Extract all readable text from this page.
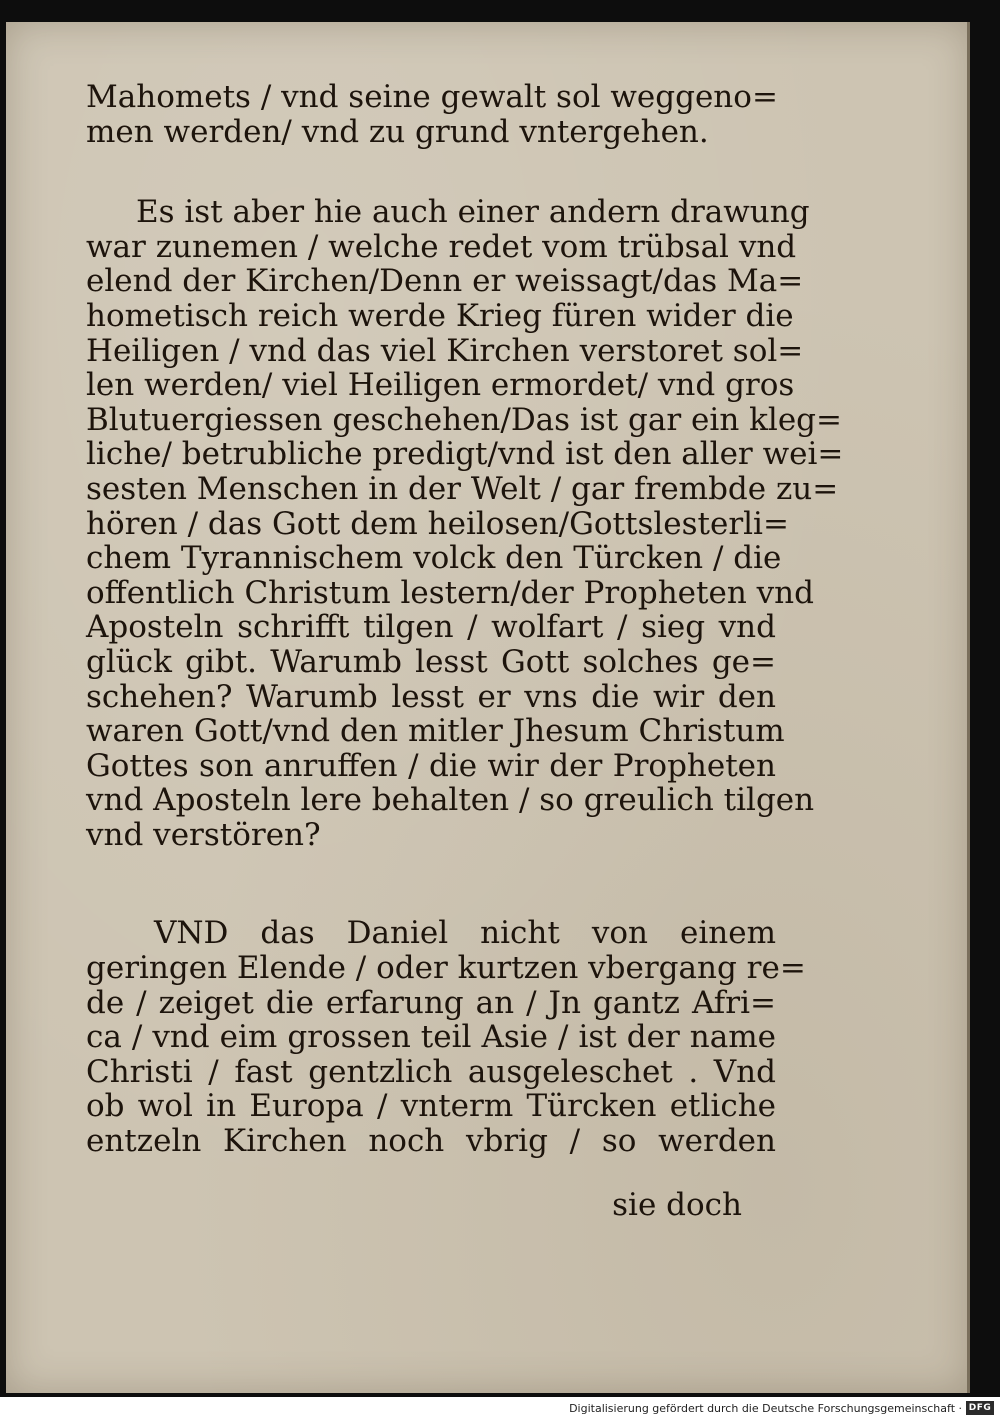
Mahomets / vnd seine gewalt sol weggeno=
men werden/ vnd zu grund vntergehen.
Es ist aber hie auch einer andern drawung
war zunemen / welche redet vom trübsal vnd
elend der Kirchen/Denn er weissagt/das Ma=
hometisch reich werde Krieg füren wider die
Heiligen / vnd das viel Kirchen verstoret sol=
len werden/ viel Heiligen ermordet/ vnd gros
Blutuergiessen geschehen/Das ist gar ein kleg=
liche/ betrubliche predigt/vnd ist den aller wei=
sesten Menschen in der Welt / gar frembde zu=
hören / das Gott dem heilosen/Gottslesterli=
chem Tyrannischem volck den Türcken / die
offentlich Christum lestern/der Propheten vnd
Aposteln schrifft tilgen / wolfart / sieg vnd
glück gibt. Warumb lesst Gott solches ge=
schehen? Warumb lesst er vns die wir den
waren Gott/vnd den mitler Jhesum Christum
Gottes son anruffen / die wir der Propheten
vnd Aposteln lere behalten / so greulich tilgen
vnd verstören?
VND das Daniel nicht von einem
geringen Elende / oder kurtzen vbergang re=
de / zeiget die erfarung an / Jn gantz Afri=
ca / vnd eim grossen teil Asie / ist der name
Christi / fast gentzlich ausgeleschet . Vnd
ob wol in Europa / vnterm Türcken etliche
entzeln Kirchen noch vbrig / so werden
sie doch
Digitalisierung gefördert durch die Deutsche Forschungsgemeinschaft · DFG
